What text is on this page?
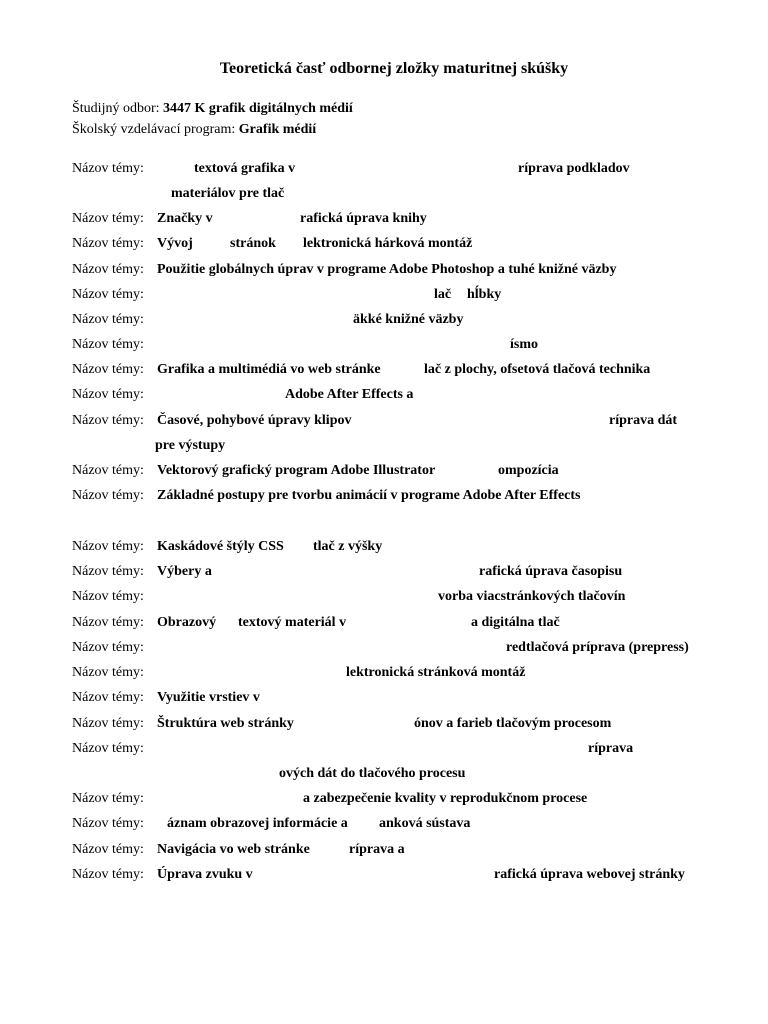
Teoretická časť odbornej zložky maturitnej skúšky
Študijný odbor: 3447 K grafik digitálnych médií
Školský vzdelávací program: Grafik médií
Názov témy:	textová grafika v	ríprava podkladov
materiálov pre tlač
Názov témy: Značky v	rafická úprava knihy
Názov témy: Vývoj	stránok lektronická hárková montáž
Názov témy: Použitie globálnych úprav v programe Adobe Photoshop a tuhé knižné väzby
Názov témy:	lač hĺbky
Názov témy:	äkké knižné väzby
Názov témy:	ísmo
Názov témy: Grafika a multimédiá vo web stránke	lač z plochy, ofsetová tlačová technika
Názov témy:	Adobe After Effects a
Názov témy: Časové, pohybové úpravy klipov	ríprava dát
pre výstupy
Názov témy: Vektorový grafický program Adobe Illustrator	ompozícia
Názov témy: Základné postupy pre tvorbu animácií v programe Adobe After Effects
Názov témy: Kaskádové štýly CSS tlač z výšky
Názov témy: Výbery a	rafická úprava časopisu
Názov témy:	vorba viacstránkových tlačovín
Názov témy: Obrazový textový materiál v	a digitálna tlač
Názov témy:	redtlačová príprava (prepress)
Názov témy:	lektronická stránková montáž
Názov témy: Využitie vrstiev v
Názov témy: Štruktúra web stránky	ónov a farieb tlačovým procesom
Názov témy:	ríprava
ových dát do tlačového procesu
Názov témy:	a zabezpečenie kvality v reprodukčnom procese
Názov témy: áznam obrazovej informácie a anková sústava
Názov témy: Navigácia vo web stránke	ríprava a
Názov témy: Úprava zvuku v	rafická úprava webovej stránky
